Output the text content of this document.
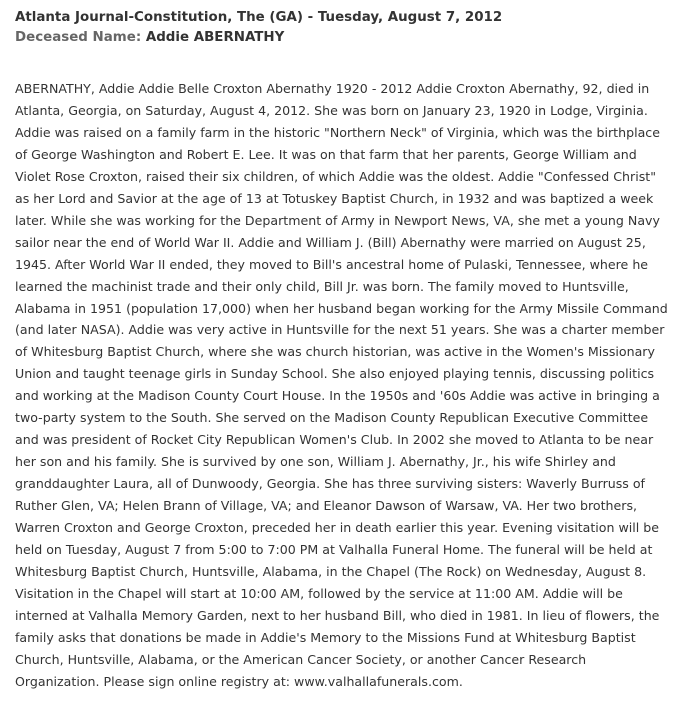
Atlanta Journal-Constitution, The (GA) - Tuesday, August 7, 2012
Deceased Name: Addie ABERNATHY
ABERNATHY, Addie Addie Belle Croxton Abernathy 1920 - 2012 Addie Croxton Abernathy, 92, died in Atlanta, Georgia, on Saturday, August 4, 2012. She was born on January 23, 1920 in Lodge, Virginia. Addie was raised on a family farm in the historic "Northern Neck" of Virginia, which was the birthplace of George Washington and Robert E. Lee. It was on that farm that her parents, George William and Violet Rose Croxton, raised their six children, of which Addie was the oldest. Addie "Confessed Christ" as her Lord and Savior at the age of 13 at Totuskey Baptist Church, in 1932 and was baptized a week later. While she was working for the Department of Army in Newport News, VA, she met a young Navy sailor near the end of World War II. Addie and William J. (Bill) Abernathy were married on August 25, 1945. After World War II ended, they moved to Bill's ancestral home of Pulaski, Tennessee, where he learned the machinist trade and their only child, Bill Jr. was born. The family moved to Huntsville, Alabama in 1951 (population 17,000) when her husband began working for the Army Missile Command (and later NASA). Addie was very active in Huntsville for the next 51 years. She was a charter member of Whitesburg Baptist Church, where she was church historian, was active in the Women's Missionary Union and taught teenage girls in Sunday School. She also enjoyed playing tennis, discussing politics and working at the Madison County Court House. In the 1950s and '60s Addie was active in bringing a two-party system to the South. She served on the Madison County Republican Executive Committee and was president of Rocket City Republican Women's Club. In 2002 she moved to Atlanta to be near her son and his family. She is survived by one son, William J. Abernathy, Jr., his wife Shirley and granddaughter Laura, all of Dunwoody, Georgia. She has three surviving sisters: Waverly Burruss of Ruther Glen, VA; Helen Brann of Village, VA; and Eleanor Dawson of Warsaw, VA. Her two brothers, Warren Croxton and George Croxton, preceded her in death earlier this year. Evening visitation will be held on Tuesday, August 7 from 5:00 to 7:00 PM at Valhalla Funeral Home. The funeral will be held at Whitesburg Baptist Church, Huntsville, Alabama, in the Chapel (The Rock) on Wednesday, August 8. Visitation in the Chapel will start at 10:00 AM, followed by the service at 11:00 AM. Addie will be interned at Valhalla Memory Garden, next to her husband Bill, who died in 1981. In lieu of flowers, the family asks that donations be made in Addie's Memory to the Missions Fund at Whitesburg Baptist Church, Huntsville, Alabama, or the American Cancer Society, or another Cancer Research Organization. Please sign online registry at: www.valhallafunerals.com.
